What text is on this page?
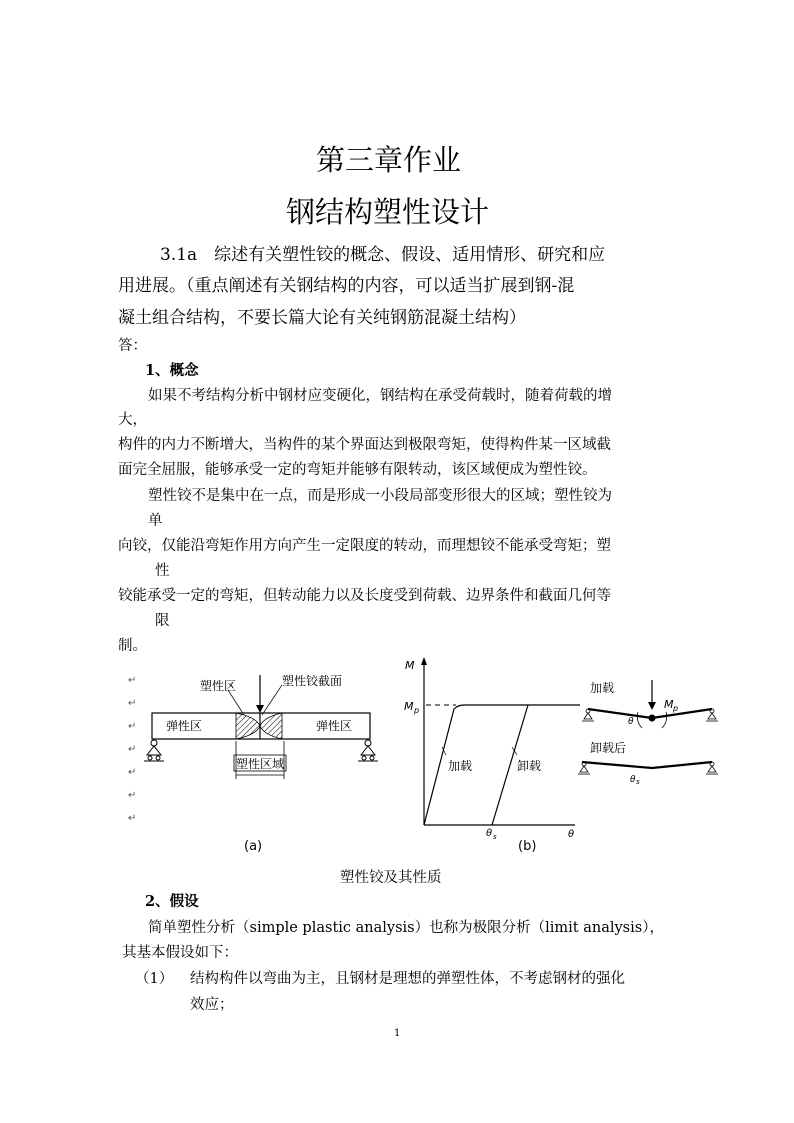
第三章作业
钢结构塑性设计
3.1a　综述有关塑性铰的概念、假设、适用情形、研究和应
用进展。（重点阐述有关钢结构的内容，可以适当扩展到钢-混
凝土组合结构，不要长篇大论有关纯钢筋混凝土结构）
答：
1、概念
如果不考结构分析中钢材应变硬化，钢结构在承受荷载时，随着荷载的增
大，
构件的内力不断增大，当构件的某个界面达到极限弯矩，使得构件某一区域截
面完全屈服，能够承受一定的弯矩并能够有限转动，该区域便成为塑性铰。
塑性铰不是集中在一点，而是形成一小段局部变形很大的区域；塑性铰为
单
向铰，仅能沿弯矩作用方向产生一定限度的转动，而理想铰不能承受弯矩；塑
性
铰能承受一定的弯矩，但转动能力以及长度受到荷载、边界条件和截面几何等
限
制。
↵
↵
↵
↵
↵
↵
↵
塑性区	塑性铰截面
弹性区	弹性区
塑性区域
(a)
M
M p
加载	卸载
θ s	θ
(b)
加载
M p
θ
卸载后
θ s
塑性铰及其性质
2、假设
简单塑性分析（simple plastic analysis）也称为极限分析（limit analysis），
其基本假设如下：
（1） 结构构件以弯曲为主，且钢材是理想的弹塑性体，不考虑钢材的强化
效应；
1
